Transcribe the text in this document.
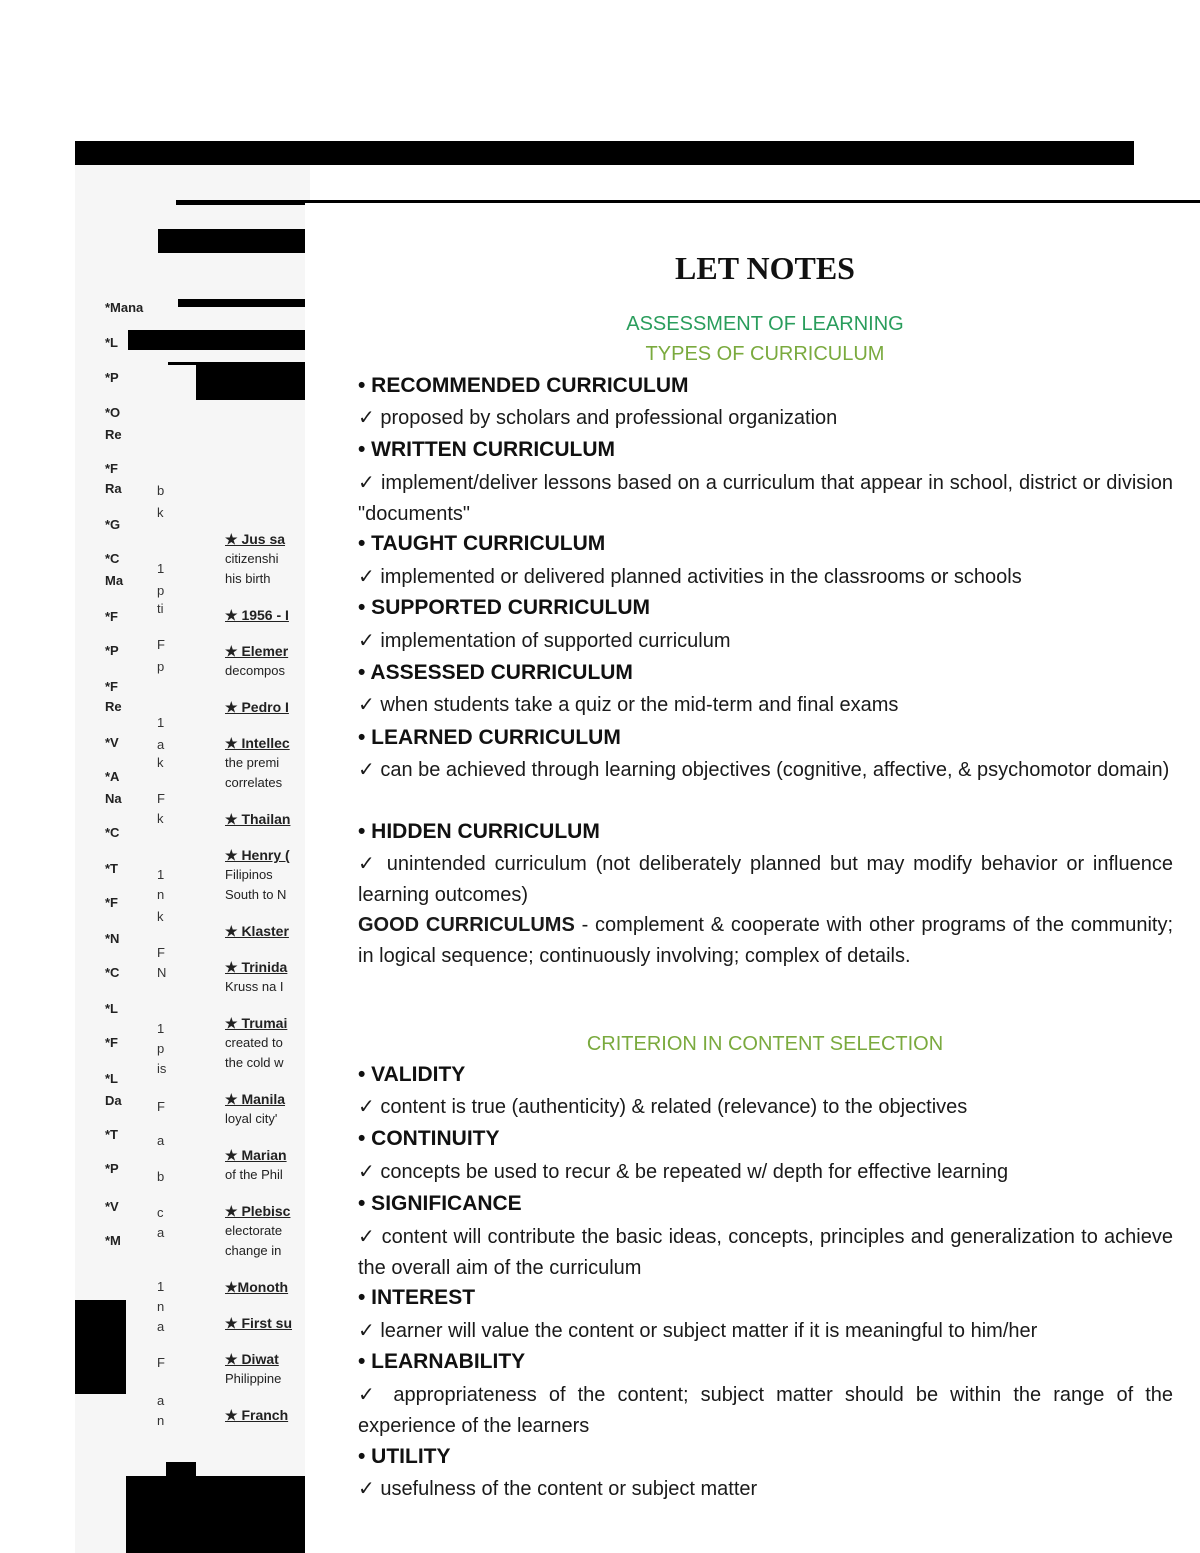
*Mana
*L
*P
*O
Re
*F
Ra
*G
*C
Ma
*F
*P
*F
Re
*V
*A
Na
*C
*T
*F
*N
*C
*L
*F
*L
Da
*T
*P
*V
*M
b
k
1
p
ti
F
p
1
a
k
F
k
1
n
k
F
N
1
p
is
F
a
b
c
a
1
n
a
F
a
n
★ Jus sa
citizenshi
his birth
★ 1956 - I
★ Elemer
decompos
★ Pedro I
★ Intellec
the premi
correlates
★ Thailan
★ Henry (
Filipinos
South to N
★ Klaster
★ Trinida
Kruss na I
★ Trumai
created to
the cold w
★ Manila
loyal city'
★ Marian
of the Phil
★ Plebisc
electorate
change in
★Monoth
★ First su
★ Diwat
Philippine
★ Franch
LET NOTES
ASSESSMENT OF LEARNING
TYPES OF CURRICULUM
• RECOMMENDED CURRICULUM
✓ proposed by scholars and professional organization
• WRITTEN CURRICULUM
✓ implement/deliver lessons based on a curriculum that appear in school, district or division "documents"
• TAUGHT CURRICULUM
✓ implemented or delivered planned activities in the classrooms or schools
• SUPPORTED CURRICULUM
✓ implementation of supported curriculum
• ASSESSED CURRICULUM
✓ when students take a quiz or the mid-term and final exams
• LEARNED CURRICULUM
✓ can be achieved through learning objectives (cognitive, affective, & psychomotor domain)
• HIDDEN CURRICULUM
✓ unintended curriculum (not deliberately planned but may modify behavior or influence learning outcomes)
GOOD CURRICULUMS - complement & cooperate with other programs of the community; in logical sequence; continuously involving; complex of details.
CRITERION IN CONTENT SELECTION
• VALIDITY
✓ content is true (authenticity) & related (relevance) to the objectives
• CONTINUITY
✓ concepts be used to recur & be repeated w/ depth for effective learning
• SIGNIFICANCE
✓ content will contribute the basic ideas, concepts, principles and generalization to achieve the overall aim of the curriculum
• INTEREST
✓ learner will value the content or subject matter if it is meaningful to him/her
• LEARNABILITY
✓ appropriateness of the content; subject matter should be within the range of the experience of the learners
• UTILITY
✓ usefulness of the content or subject matter
